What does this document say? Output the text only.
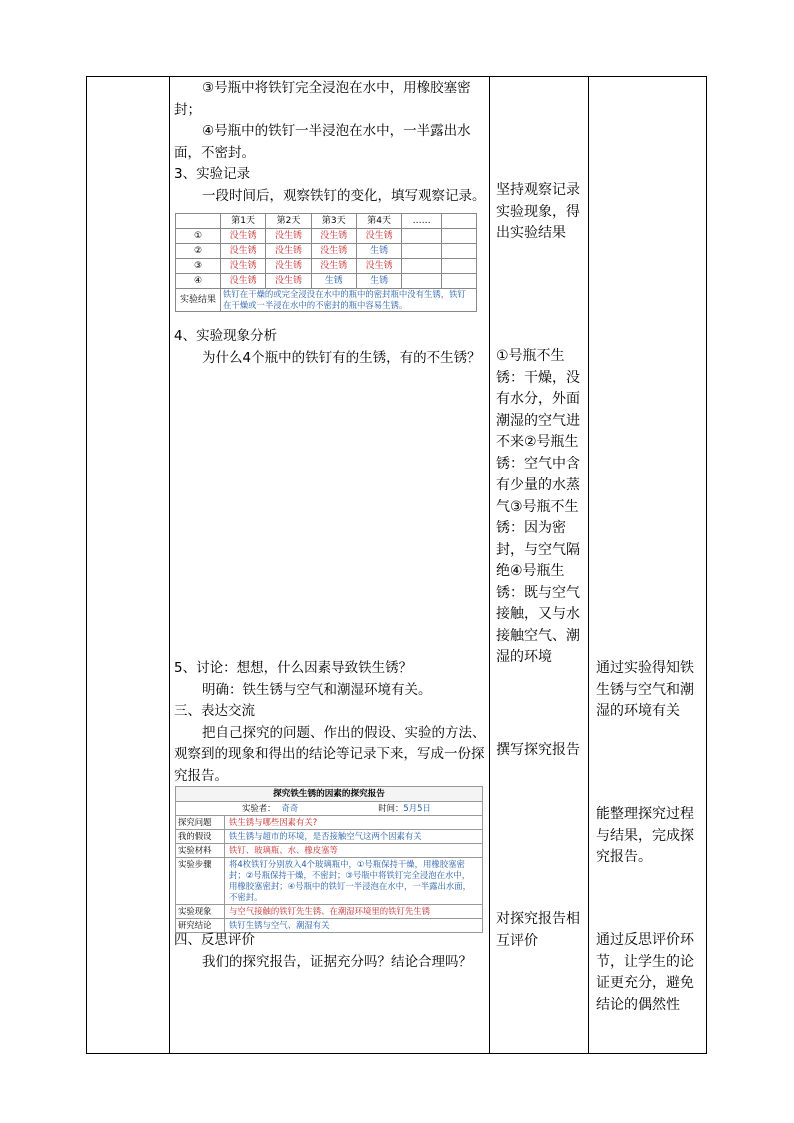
③号瓶中将铁钉完全浸泡在水中，用橡胶塞密封；

④号瓶中的铁钉一半浸泡在水中，一半露出水面，不密封。

3、实验记录

一段时间后，观察铁钉的变化，填写观察记录。

	第1天	第2天	第3天	第4天	……	
①	没生锈	没生锈	没生锈	没生锈		
②	没生锈	没生锈	没生锈	生锈		
③	没生锈	没生锈	没生锈	没生锈		
④	没生锈	没生锈	生锈	生锈		
实验结果	铁钉在干燥的或完全浸没在水中的瓶中的密封瓶中没有生锈，铁钉在干燥或一半浸在水中的不密封的瓶中容易生锈。					

4、实验现象分析

为什么4个瓶中的铁钉有的生锈，有的不生锈？

5、讨论：想想，什么因素导致铁生锈？

明确：铁生锈与空气和潮湿环境有关。

三、表达交流

把自己探究的问题、作出的假设、实验的方法、观察到的现象和得出的结论等记录下来，写成一份探究报告。

探究铁生锈的因素的探究报告
实验者： 奇奇	时间： 5月5日
探究问题	铁生锈与哪些因素有关?
我的假设	铁生锈与超市的环境，是否接触空气这两个因素有关
实验材料	铁钉、玻璃瓶、水、橡皮塞等
实验步骤	将4枚铁钉分别放入4个玻璃瓶中，①号瓶保持干燥，用橡胶塞密封；②号瓶保持干燥，不密封；③号瓶中将铁钉完全浸泡在水中，用橡胶塞密封；④号瓶中的铁钉一半浸泡在水中，一半露出水面，不密封。
实验现象	与空气接触的铁钉先生锈、在潮湿环境里的铁钉先生锈
研究结论	铁钉生锈与空气、潮湿有关

四、反思评价

我们的探究报告，证据充分吗？结论合理吗？

坚持观察记录实验现象，得出实验结果
①号瓶不生锈：干燥，没有水分，外面潮湿的空气进不来②号瓶生锈：空气中含有少量的水蒸气③号瓶不生锈：因为密封，与空气隔绝④号瓶生锈：既与空气接触，又与水接触空气、潮湿的环境
撰写探究报告
对探究报告相互评价
通过实验得知铁生锈与空气和潮湿的环境有关
能整理探究过程与结果，完成探究报告。
通过反思评价环节，让学生的论证更充分，避免结论的偶然性
